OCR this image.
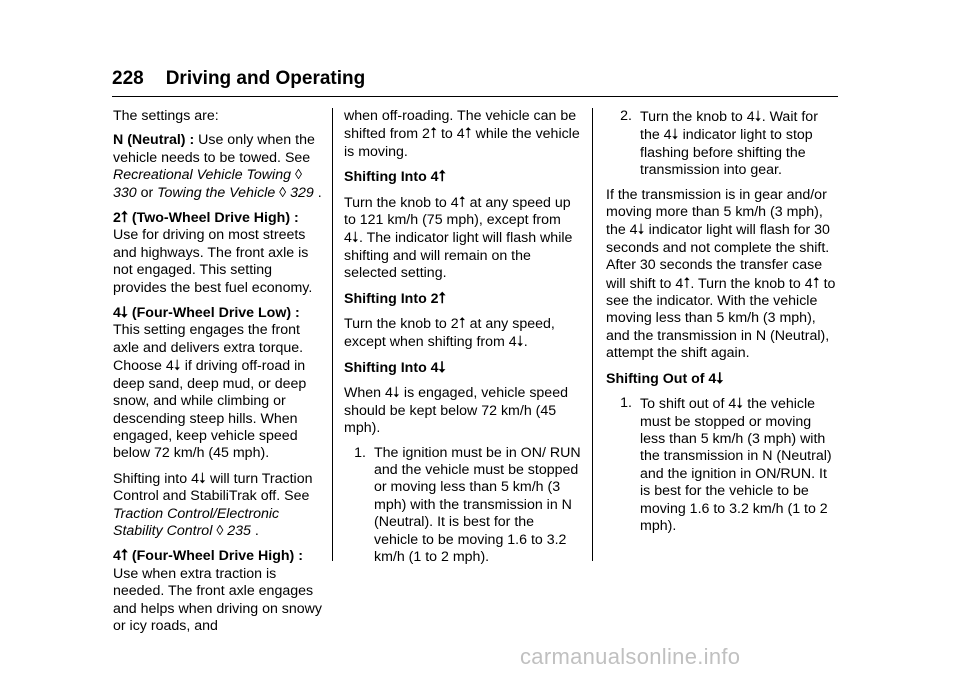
228 Driving and Operating

The settings are:

N (Neutral) : Use only when the vehicle needs to be towed. See Recreational Vehicle Towing ◊ 330 or Towing the Vehicle ◊ 329 .

2⭡ (Two-Wheel Drive High) : Use for driving on most streets and highways. The front axle is not engaged. This setting provides the best fuel economy.

4⭣ (Four-Wheel Drive Low) : This setting engages the front axle and delivers extra torque. Choose 4⭣ if driving off-road in deep sand, deep mud, or deep snow, and while climbing or descending steep hills. When engaged, keep vehicle speed below 72 km/h (45 mph).

Shifting into 4⭣ will turn Traction Control and StabiliTrak off. See Traction Control/Electronic Stability Control ◊ 235 .

4⭡ (Four-Wheel Drive High) : Use when extra traction is needed. The front axle engages and helps when driving on snowy or icy roads, and

when off-roading. The vehicle can be shifted from 2⭡ to 4⭡ while the vehicle is moving.

Shifting Into 4⭡

Turn the knob to 4⭡ at any speed up to 121 km/h (75 mph), except from 4⭣. The indicator light will flash while shifting and will remain on the selected setting.

Shifting Into 2⭡

Turn the knob to 2⭡ at any speed, except when shifting from 4⭣.

Shifting Into 4⭣

When 4⭣ is engaged, vehicle speed should be kept below 72 km/h (45 mph).

1. The ignition must be in ON/ RUN and the vehicle must be stopped or moving less than 5 km/h (3 mph) with the transmission in N (Neutral). It is best for the vehicle to be moving 1.6 to 3.2 km/h (1 to 2 mph).
2. Turn the knob to 4⭣. Wait for the 4⭣ indicator light to stop flashing before shifting the transmission into gear.

If the transmission is in gear and/or moving more than 5 km/h (3 mph), the 4⭣ indicator light will flash for 30 seconds and not complete the shift. After 30 seconds the transfer case will shift to 4⭡. Turn the knob to 4⭡ to see the indicator. With the vehicle moving less than 5 km/h (3 mph), and the transmission in N (Neutral), attempt the shift again.

Shifting Out of 4⭣

1. To shift out of 4⭣ the vehicle must be stopped or moving less than 5 km/h (3 mph) with the transmission in N (Neutral) and the ignition in ON/RUN. It is best for the vehicle to be moving 1.6 to 3.2 km/h (1 to 2 mph).
carmanualsonline.info
